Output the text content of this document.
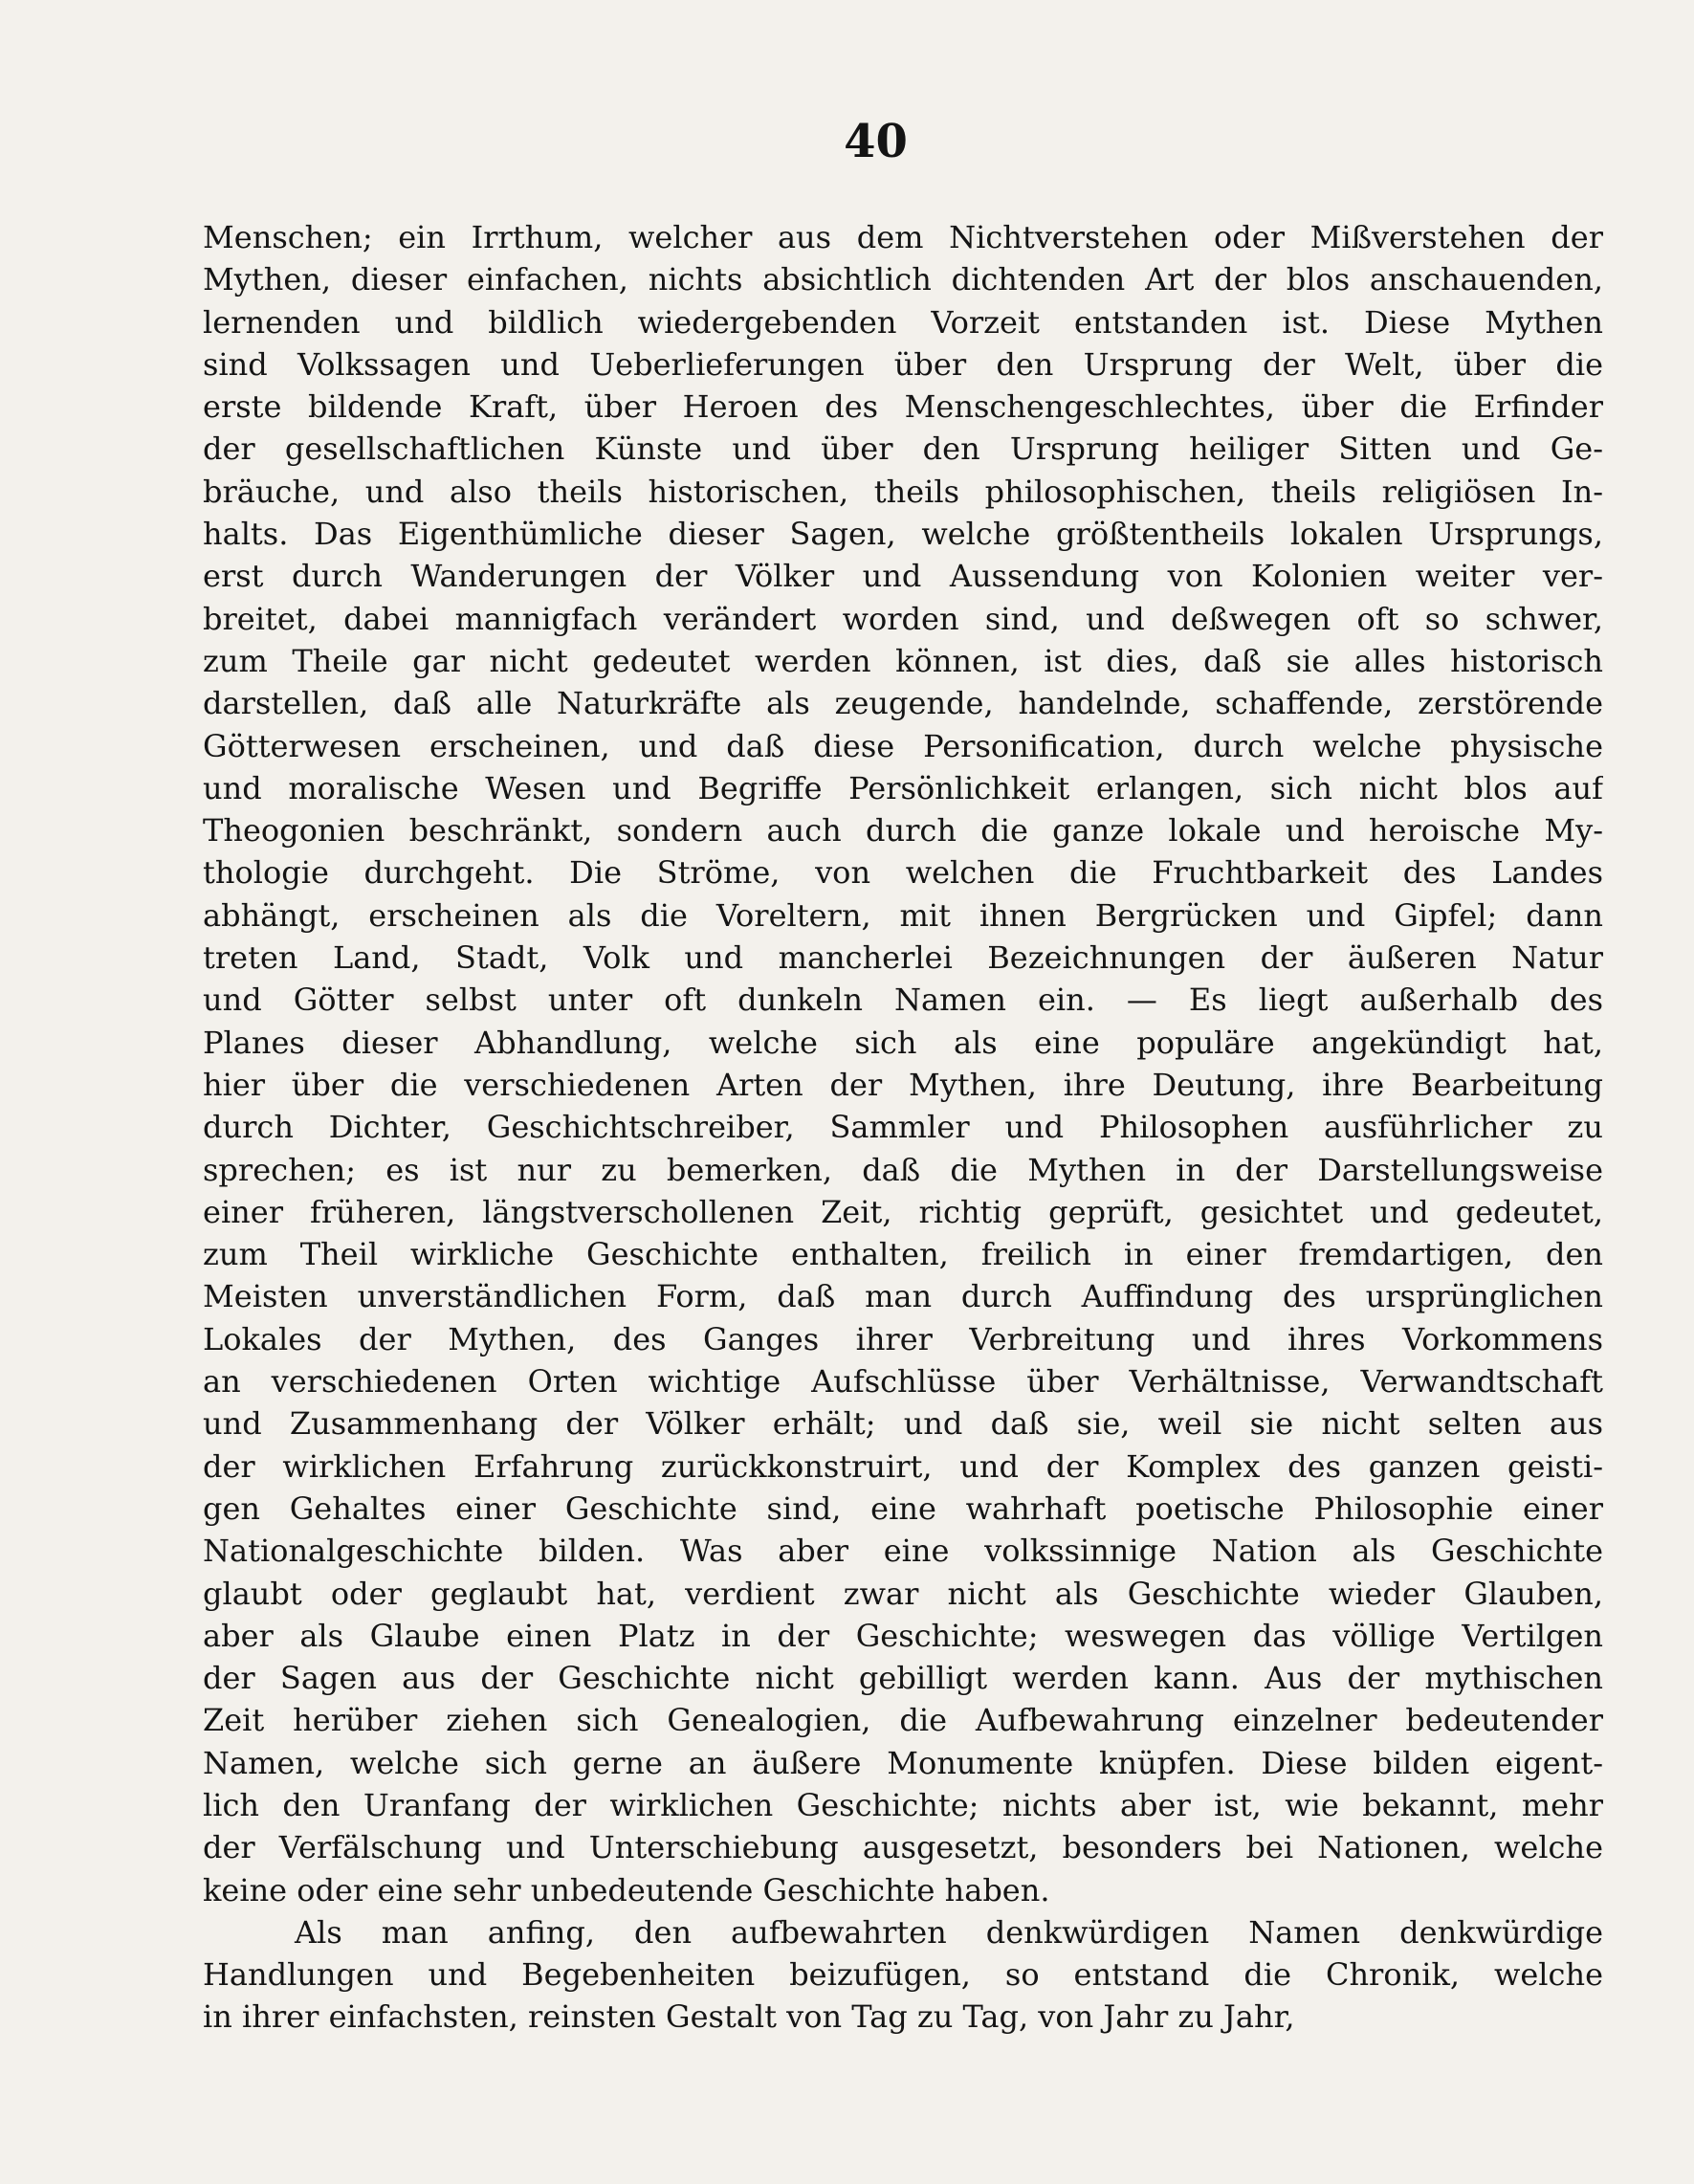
40

Menschen; ein Irrthum, welcher aus dem Nichtverstehen oder Mißverstehen der
Mythen, dieser einfachen, nichts absichtlich dichtenden Art der blos anschauenden,
lernenden und bildlich wiedergebenden Vorzeit entstanden ist. Diese Mythen
sind Volkssagen und Ueberlieferungen über den Ursprung der Welt, über die
erste bildende Kraft, über Heroen des Menschengeschlechtes, über die Erfinder
der gesellschaftlichen Künste und über den Ursprung heiliger Sitten und Ge-
bräuche, und also theils historischen, theils philosophischen, theils religiösen In-
halts. Das Eigenthümliche dieser Sagen, welche größtentheils lokalen Ursprungs,
erst durch Wanderungen der Völker und Aussendung von Kolonien weiter ver-
breitet, dabei mannigfach verändert worden sind, und deßwegen oft so schwer,
zum Theile gar nicht gedeutet werden können, ist dies, daß sie alles historisch
darstellen, daß alle Naturkräfte als zeugende, handelnde, schaffende, zerstörende
Götterwesen erscheinen, und daß diese Personification, durch welche physische
und moralische Wesen und Begriffe Persönlichkeit erlangen, sich nicht blos auf
Theogonien beschränkt, sondern auch durch die ganze lokale und heroische My-
thologie durchgeht. Die Ströme, von welchen die Fruchtbarkeit des Landes
abhängt, erscheinen als die Voreltern, mit ihnen Bergrücken und Gipfel; dann
treten Land, Stadt, Volk und mancherlei Bezeichnungen der äußeren Natur
und Götter selbst unter oft dunkeln Namen ein. — Es liegt außerhalb des
Planes dieser Abhandlung, welche sich als eine populäre angekündigt hat,
hier über die verschiedenen Arten der Mythen, ihre Deutung, ihre Bearbeitung
durch Dichter, Geschichtschreiber, Sammler und Philosophen ausführlicher zu
sprechen; es ist nur zu bemerken, daß die Mythen in der Darstellungsweise
einer früheren, längstverschollenen Zeit, richtig geprüft, gesichtet und gedeutet,
zum Theil wirkliche Geschichte enthalten, freilich in einer fremdartigen, den
Meisten unverständlichen Form, daß man durch Auffindung des ursprünglichen
Lokales der Mythen, des Ganges ihrer Verbreitung und ihres Vorkommens
an verschiedenen Orten wichtige Aufschlüsse über Verhältnisse, Verwandtschaft
und Zusammenhang der Völker erhält; und daß sie, weil sie nicht selten aus
der wirklichen Erfahrung zurückkonstruirt, und der Komplex des ganzen geisti-
gen Gehaltes einer Geschichte sind, eine wahrhaft poetische Philosophie einer
Nationalgeschichte bilden. Was aber eine volkssinnige Nation als Geschichte
glaubt oder geglaubt hat, verdient zwar nicht als Geschichte wieder Glauben,
aber als Glaube einen Platz in der Geschichte; weswegen das völlige Vertilgen
der Sagen aus der Geschichte nicht gebilligt werden kann. Aus der mythischen
Zeit herüber ziehen sich Genealogien, die Aufbewahrung einzelner bedeutender
Namen, welche sich gerne an äußere Monumente knüpfen. Diese bilden eigent-
lich den Uranfang der wirklichen Geschichte; nichts aber ist, wie bekannt, mehr
der Verfälschung und Unterschiebung ausgesetzt, besonders bei Nationen, welche
keine oder eine sehr unbedeutende Geschichte haben.

Als man anfing, den aufbewahrten denkwürdigen Namen denkwürdige
Handlungen und Begebenheiten beizufügen, so entstand die Chronik, welche
in ihrer einfachsten, reinsten Gestalt von Tag zu Tag, von Jahr zu Jahr,
